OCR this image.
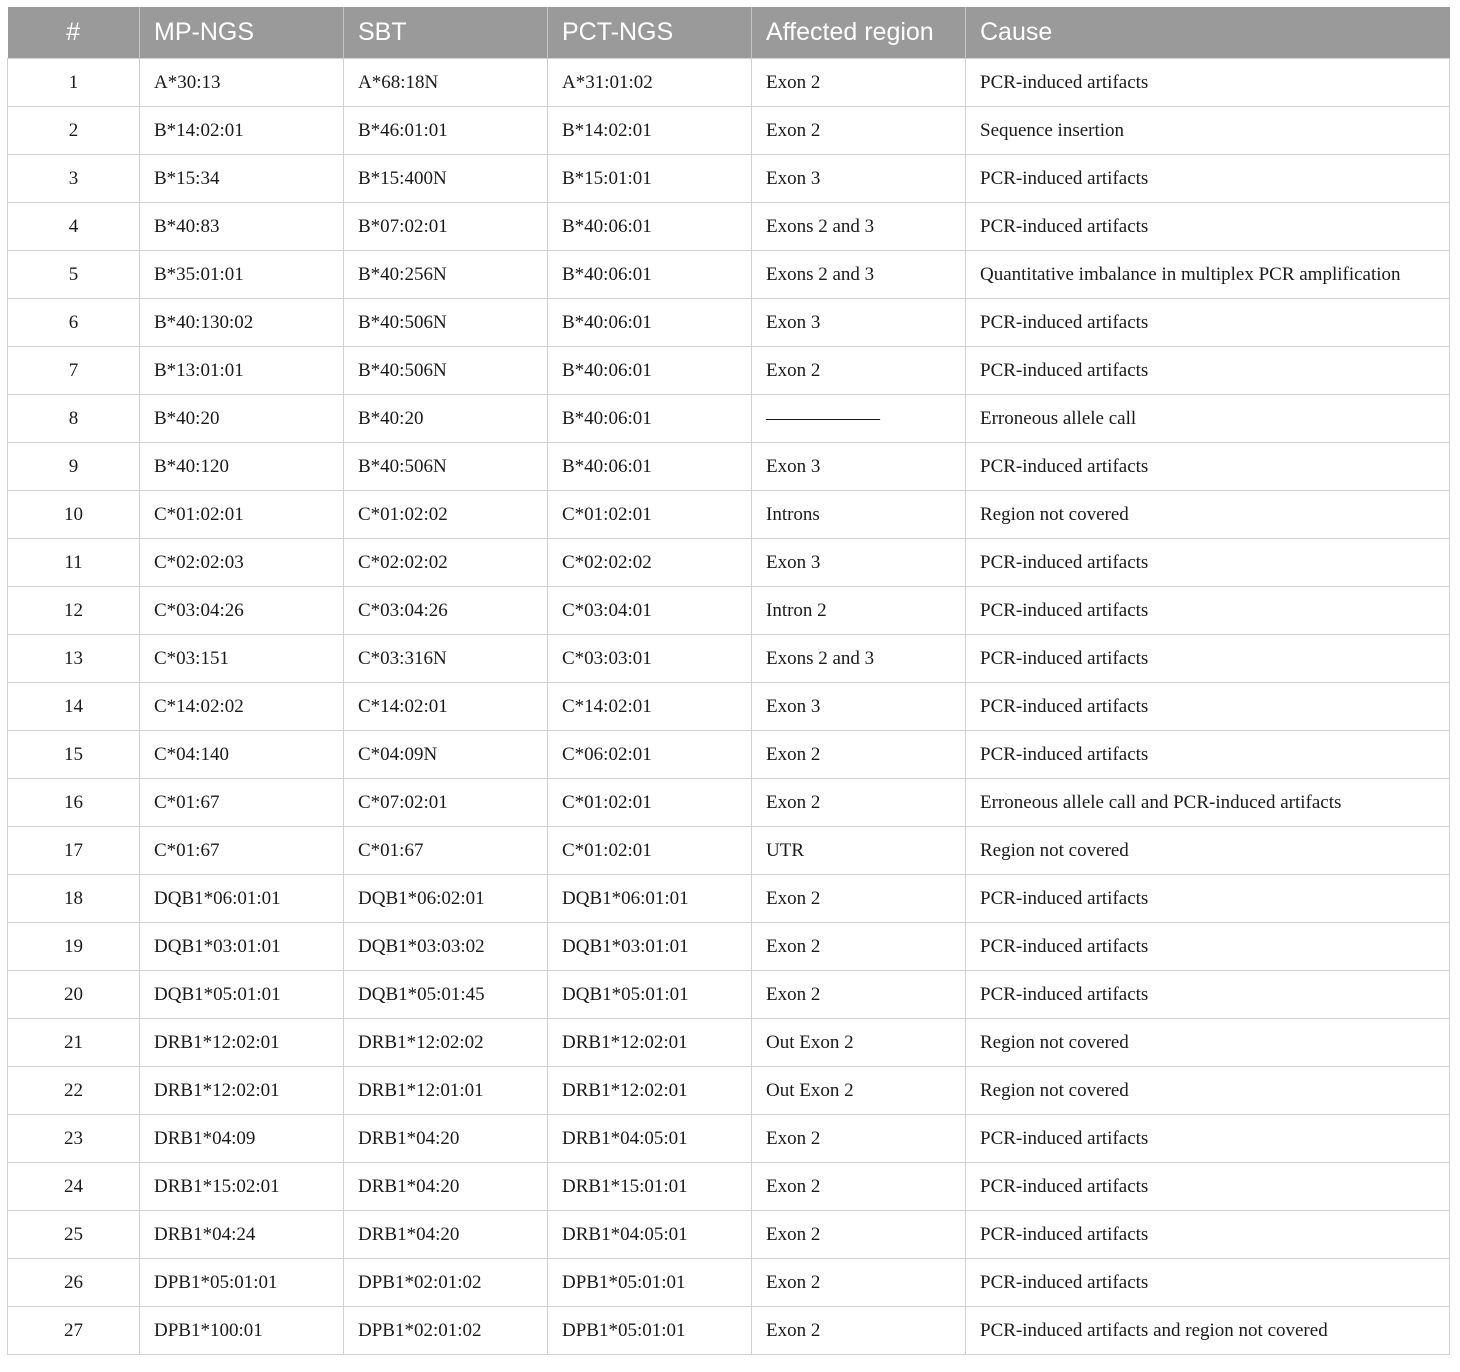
#	MP-NGS	SBT	PCT-NGS	Affected region	Cause
1	A*30:13	A*68:18N	A*31:01:02	Exon 2	PCR-induced artifacts
2	B*14:02:01	B*46:01:01	B*14:02:01	Exon 2	Sequence insertion
3	B*15:34	B*15:400N	B*15:01:01	Exon 3	PCR-induced artifacts
4	B*40:83	B*07:02:01	B*40:06:01	Exons 2 and 3	PCR-induced artifacts
5	B*35:01:01	B*40:256N	B*40:06:01	Exons 2 and 3	Quantitative imbalance in multiplex PCR amplification
6	B*40:130:02	B*40:506N	B*40:06:01	Exon 3	PCR-induced artifacts
7	B*13:01:01	B*40:506N	B*40:06:01	Exon 2	PCR-induced artifacts
8	B*40:20	B*40:20	B*40:06:01	——————	Erroneous allele call
9	B*40:120	B*40:506N	B*40:06:01	Exon 3	PCR-induced artifacts
10	C*01:02:01	C*01:02:02	C*01:02:01	Introns	Region not covered
11	C*02:02:03	C*02:02:02	C*02:02:02	Exon 3	PCR-induced artifacts
12	C*03:04:26	C*03:04:26	C*03:04:01	Intron 2	PCR-induced artifacts
13	C*03:151	C*03:316N	C*03:03:01	Exons 2 and 3	PCR-induced artifacts
14	C*14:02:02	C*14:02:01	C*14:02:01	Exon 3	PCR-induced artifacts
15	C*04:140	C*04:09N	C*06:02:01	Exon 2	PCR-induced artifacts
16	C*01:67	C*07:02:01	C*01:02:01	Exon 2	Erroneous allele call and PCR-induced artifacts
17	C*01:67	C*01:67	C*01:02:01	UTR	Region not covered
18	DQB1*06:01:01	DQB1*06:02:01	DQB1*06:01:01	Exon 2	PCR-induced artifacts
19	DQB1*03:01:01	DQB1*03:03:02	DQB1*03:01:01	Exon 2	PCR-induced artifacts
20	DQB1*05:01:01	DQB1*05:01:45	DQB1*05:01:01	Exon 2	PCR-induced artifacts
21	DRB1*12:02:01	DRB1*12:02:02	DRB1*12:02:01	Out Exon 2	Region not covered
22	DRB1*12:02:01	DRB1*12:01:01	DRB1*12:02:01	Out Exon 2	Region not covered
23	DRB1*04:09	DRB1*04:20	DRB1*04:05:01	Exon 2	PCR-induced artifacts
24	DRB1*15:02:01	DRB1*04:20	DRB1*15:01:01	Exon 2	PCR-induced artifacts
25	DRB1*04:24	DRB1*04:20	DRB1*04:05:01	Exon 2	PCR-induced artifacts
26	DPB1*05:01:01	DPB1*02:01:02	DPB1*05:01:01	Exon 2	PCR-induced artifacts
27	DPB1*100:01	DPB1*02:01:02	DPB1*05:01:01	Exon 2	PCR-induced artifacts and region not covered
